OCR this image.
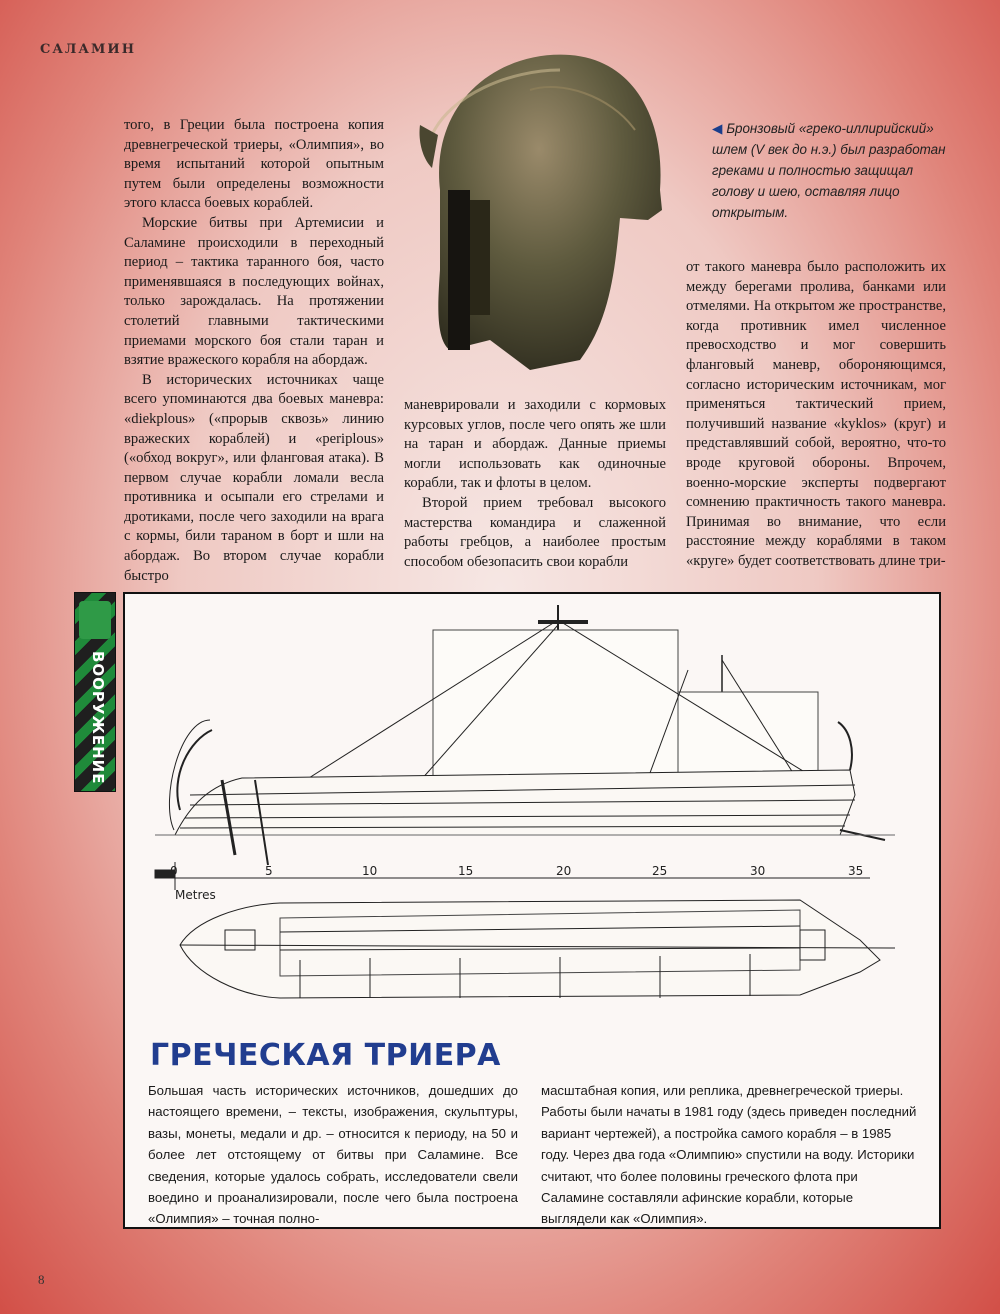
САЛАМИН

того, в Греции была построена копия древнегреческой триеры, «Олимпия», во время испытаний которой опытным путем были определены возможности этого класса боевых кораблей.

Морские битвы при Артемисии и Саламине происходили в переходный период – тактика таранного боя, часто применявшаяся в последующих войнах, только зарождалась. На протяжении столетий главными тактическими приемами морского боя стали таран и взятие вражеского корабля на абордаж.

В исторических источниках чаще всего упоминаются два боевых маневра: «diekplous» («прорыв сквозь» линию вражеских кораблей) и «periplous» («обход вокруг», или фланговая атака). В первом случае корабли ломали весла противника и осыпали его стрелами и дротиками, после чего заходили на врага с кормы, били тараном в борт и шли на абордаж. Во втором случае корабли быстро

◀ Бронзовый «греко-иллирийский» шлем (V век до н.э.) был разработан греками и полностью защищал голову и шею, оставляя лицо открытым.

маневрировали и заходили с кормовых курсовых углов, после чего опять же шли на таран и абордаж. Данные приемы могли использовать как одиночные корабли, так и флоты в целом.

Второй прием требовал высокого мастерства командира и слаженной работы гребцов, а наиболее простым способом обезопасить свои корабли

от такого маневра было расположить их между берегами пролива, банками или отмелями. На открытом же пространстве, когда противник имел численное превосходство и мог совершить фланговый маневр, обороняющимся, согласно историческим источникам, мог применяться тактический прием, получивший название «kyklos» (круг) и представлявший собой, вероятно, что-то вроде круговой обороны. Впрочем, военно-морские эксперты подвергают сомнению практичность такого маневра. Принимая во внимание, что если расстояние между кораблями в таком «круге» будет соответствовать длине три-

ВООРУЖЕНИЕ
0	5	10	15	20	25	30	35
Metres
ГРЕЧЕСКАЯ ТРИЕРА
Большая часть исторических источников, дошедших до настоящего времени, – тексты, изображения, скульптуры, вазы, монеты, медали и др. – относится к периоду, на 50 и более лет отстоящему от битвы при Саламине. Все сведения, которые удалось собрать, исследователи свели воедино и проанализировали, после чего была построена «Олимпия» – точная полно-
масштабная копия, или реплика, древнегреческой триеры. Работы были начаты в 1981 году (здесь приведен последний вариант чертежей), а постройка самого корабля – в 1985 году. Через два года «Олимпию» спустили на воду. Историки считают, что более половины греческого флота при Саламине составляли афинские корабли, которые выглядели как «Олимпия».
8
